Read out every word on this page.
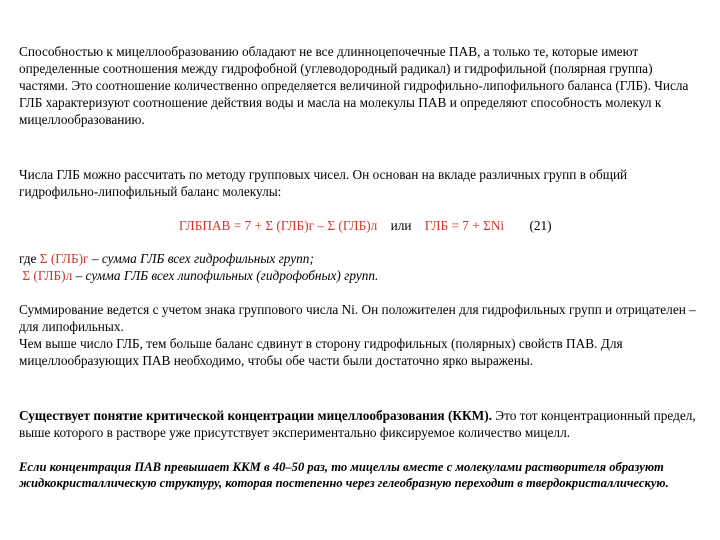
Способностью к мицеллообразованию обладают не все длинноцепочечные ПАВ, а только те, которые имеют определенные соотношения между гидрофобной (углеводородный радикал) и гидрофильной (полярная группа) частями. Это соотношение количественно определяется величиной гидрофильно-липофильного баланса (ГЛБ). Числа ГЛБ характеризуют соотношение действия воды и масла на молекулы ПАВ и определяют способность молекул к мицеллообразованию.

Числа ГЛБ можно рассчитать по методу групповых чисел. Он основан на вкладе различных групп в общий гидрофильно-липофильный баланс молекулы:

ГЛБПАВ = 7 + Σ (ГЛБ)г – Σ (ГЛБ)л или ГЛБ = 7 + ΣNi (21)
где Σ (ГЛБ)г – сумма ГЛБ всех гидрофильных групп;
Σ (ГЛБ)л – сумма ГЛБ всех липофильных (гидрофобных) групп.
Суммирование ведется с учетом знака группового числа Ni. Он положителен для гидрофильных групп и отрицателен – для липофильных.
Чем выше число ГЛБ, тем больше баланс сдвинут в сторону гидрофильных (полярных) свойств ПАВ. Для мицеллообразующих ПАВ необходимо, чтобы обе части были достаточно ярко выражены.

Существует понятие критической концентрации мицеллообразования (ККМ). Это тот концентрационный предел, выше которого в растворе уже присутствует экспериментально фиксируемое количество мицелл.

Если концентрация ПАВ превышает ККМ в 40–50 раз, то мицеллы вместе с молекулами растворителя образуют жидкокристаллическую структуру, которая постепенно через гелеобразную переходит в твердокристаллическую.
